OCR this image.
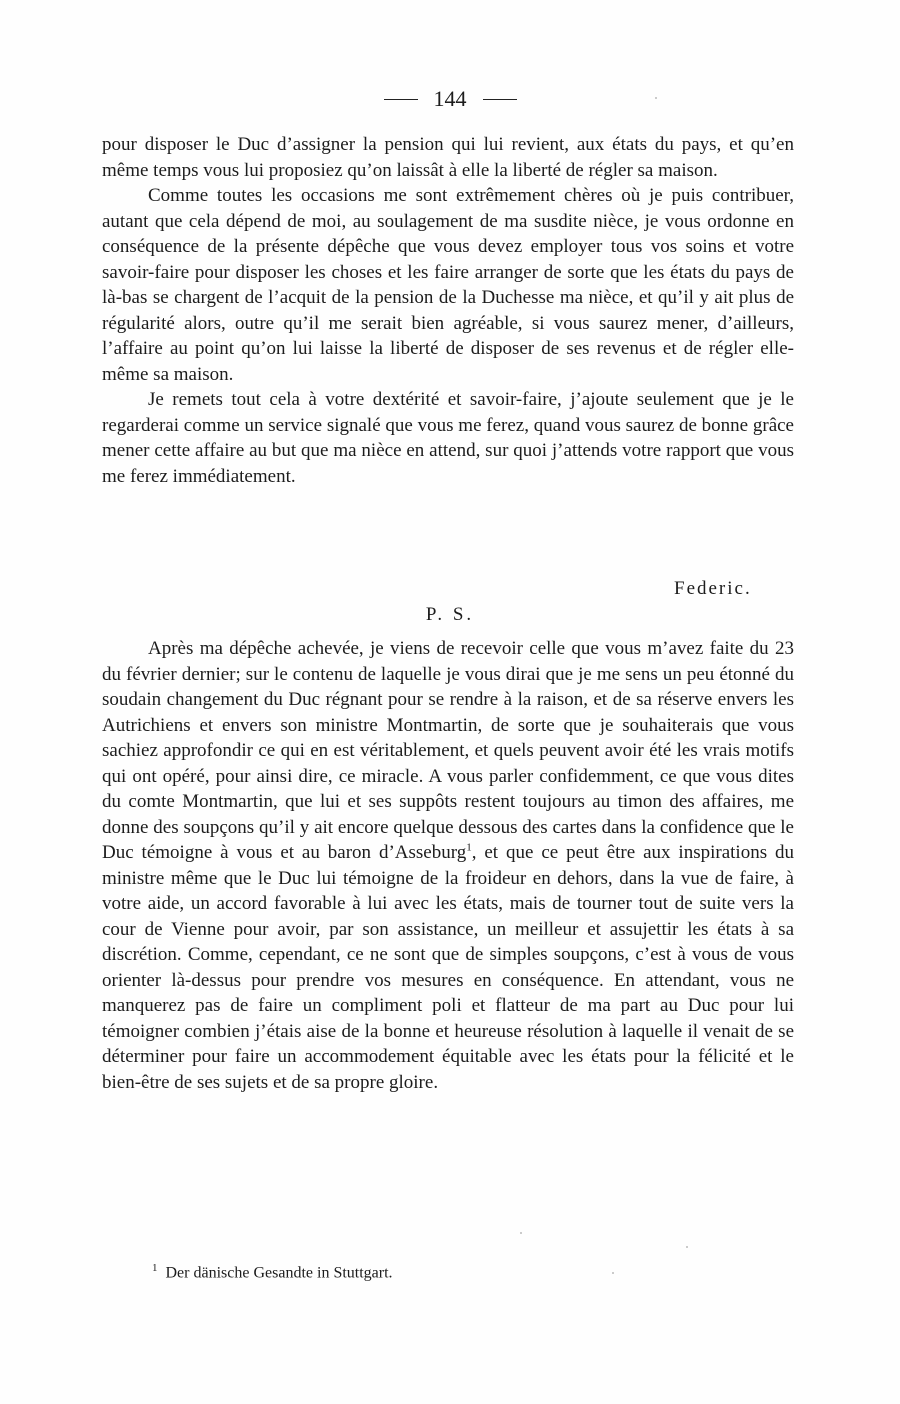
144

pour disposer le Duc d’assigner la pension qui lui revient, aux états du pays, et qu’en même temps vous lui proposiez qu’on laissât à elle la liberté de régler sa maison.

Comme toutes les occasions me sont extrêmement chères où je puis contribuer, autant que cela dépend de moi, au soulagement de ma susdite nièce, je vous ordonne en conséquence de la présente dépêche que vous devez employer tous vos soins et votre savoir-faire pour disposer les choses et les faire arranger de sorte que les états du pays de là-bas se chargent de l’acquit de la pension de la Duchesse ma nièce, et qu’il y ait plus de régularité alors, outre qu’il me serait bien agréable, si vous saurez mener, d’ailleurs, l’affaire au point qu’on lui laisse la liberté de disposer de ses revenus et de régler elle-même sa maison.

Je remets tout cela à votre dextérité et savoir-faire, j’ajoute seulement que je le regarderai comme un service signalé que vous me ferez, quand vous saurez de bonne grâce mener cette affaire au but que ma nièce en attend, sur quoi j’attends votre rapport que vous me ferez immédiatement.

Federic.
P. S.

Après ma dépêche achevée, je viens de recevoir celle que vous m’avez faite du 23 du février dernier; sur le contenu de laquelle je vous dirai que je me sens un peu étonné du soudain changement du Duc régnant pour se rendre à la raison, et de sa réserve envers les Autrichiens et envers son ministre Montmartin, de sorte que je souhaiterais que vous sachiez approfondir ce qui en est véritablement, et quels peuvent avoir été les vrais motifs qui ont opéré, pour ainsi dire, ce miracle. A vous parler confidemment, ce que vous dites du comte Montmartin, que lui et ses suppôts restent toujours au timon des affaires, me donne des soupçons qu’il y ait encore quelque dessous des cartes dans la confidence que le Duc témoigne à vous et au baron d’Asseburg$^1$, et que ce peut être aux inspirations du ministre même que le Duc lui témoigne de la froideur en dehors, dans la vue de faire, à votre aide, un accord favorable à lui avec les états, mais de tourner tout de suite vers la cour de Vienne pour avoir, par son assistance, un meilleur et assujettir les états à sa discrétion. Comme, cependant, ce ne sont que de simples soupçons, c’est à vous de vous orienter là-dessus pour prendre vos mesures en conséquence. En attendant, vous ne manquerez pas de faire un compliment poli et flatteur de ma part au Duc pour lui témoigner combien j’étais aise de la bonne et heureuse résolution à laquelle il venait de se déterminer pour faire un accommodement équitable avec les états pour la félicité et le bien-être de ses sujets et de sa propre gloire.

$^1$ Der dänische Gesandte in Stuttgart.
